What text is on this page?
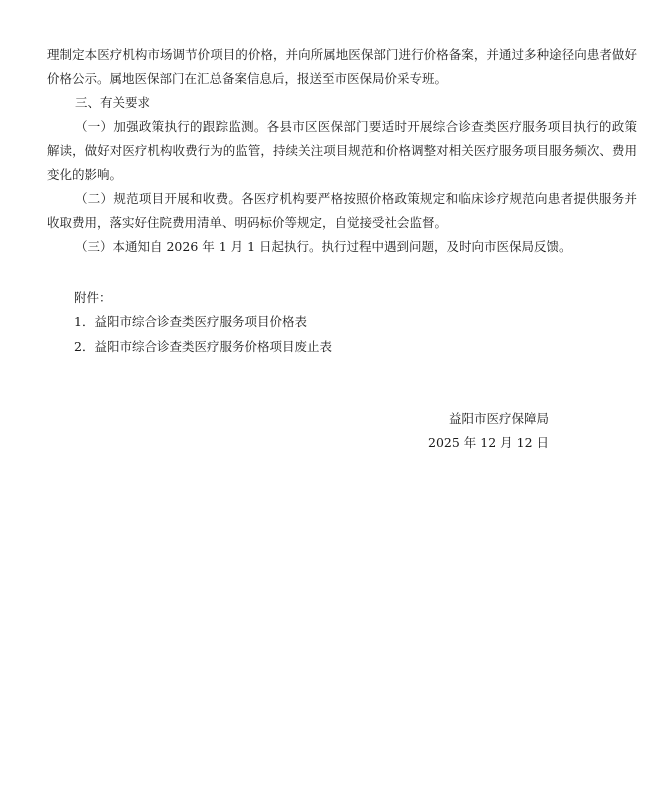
理制定本医疗机构市场调节价项目的价格，并向所属地医保部门进行价格备案，并通过多种途径向患者做好价格公示。属地医保部门在汇总备案信息后，报送至市医保局价采专班。

三、有关要求

（一）加强政策执行的跟踪监测。各县市区医保部门要适时开展综合诊查类医疗服务项目执行的政策解读，做好对医疗机构收费行为的监管，持续关注项目规范和价格调整对相关医疗服务项目服务频次、费用变化的影响。

（二）规范项目开展和收费。各医疗机构要严格按照价格政策规定和临床诊疗规范向患者提供服务并收取费用，落实好住院费用清单、明码标价等规定，自觉接受社会监督。

（三）本通知自 2026 年 1 月 1 日起执行。执行过程中遇到问题，及时向市医保局反馈。

附件：

1．益阳市综合诊查类医疗服务项目价格表

2．益阳市综合诊查类医疗服务价格项目废止表

益阳市医疗保障局

2025 年 12 月 12 日
